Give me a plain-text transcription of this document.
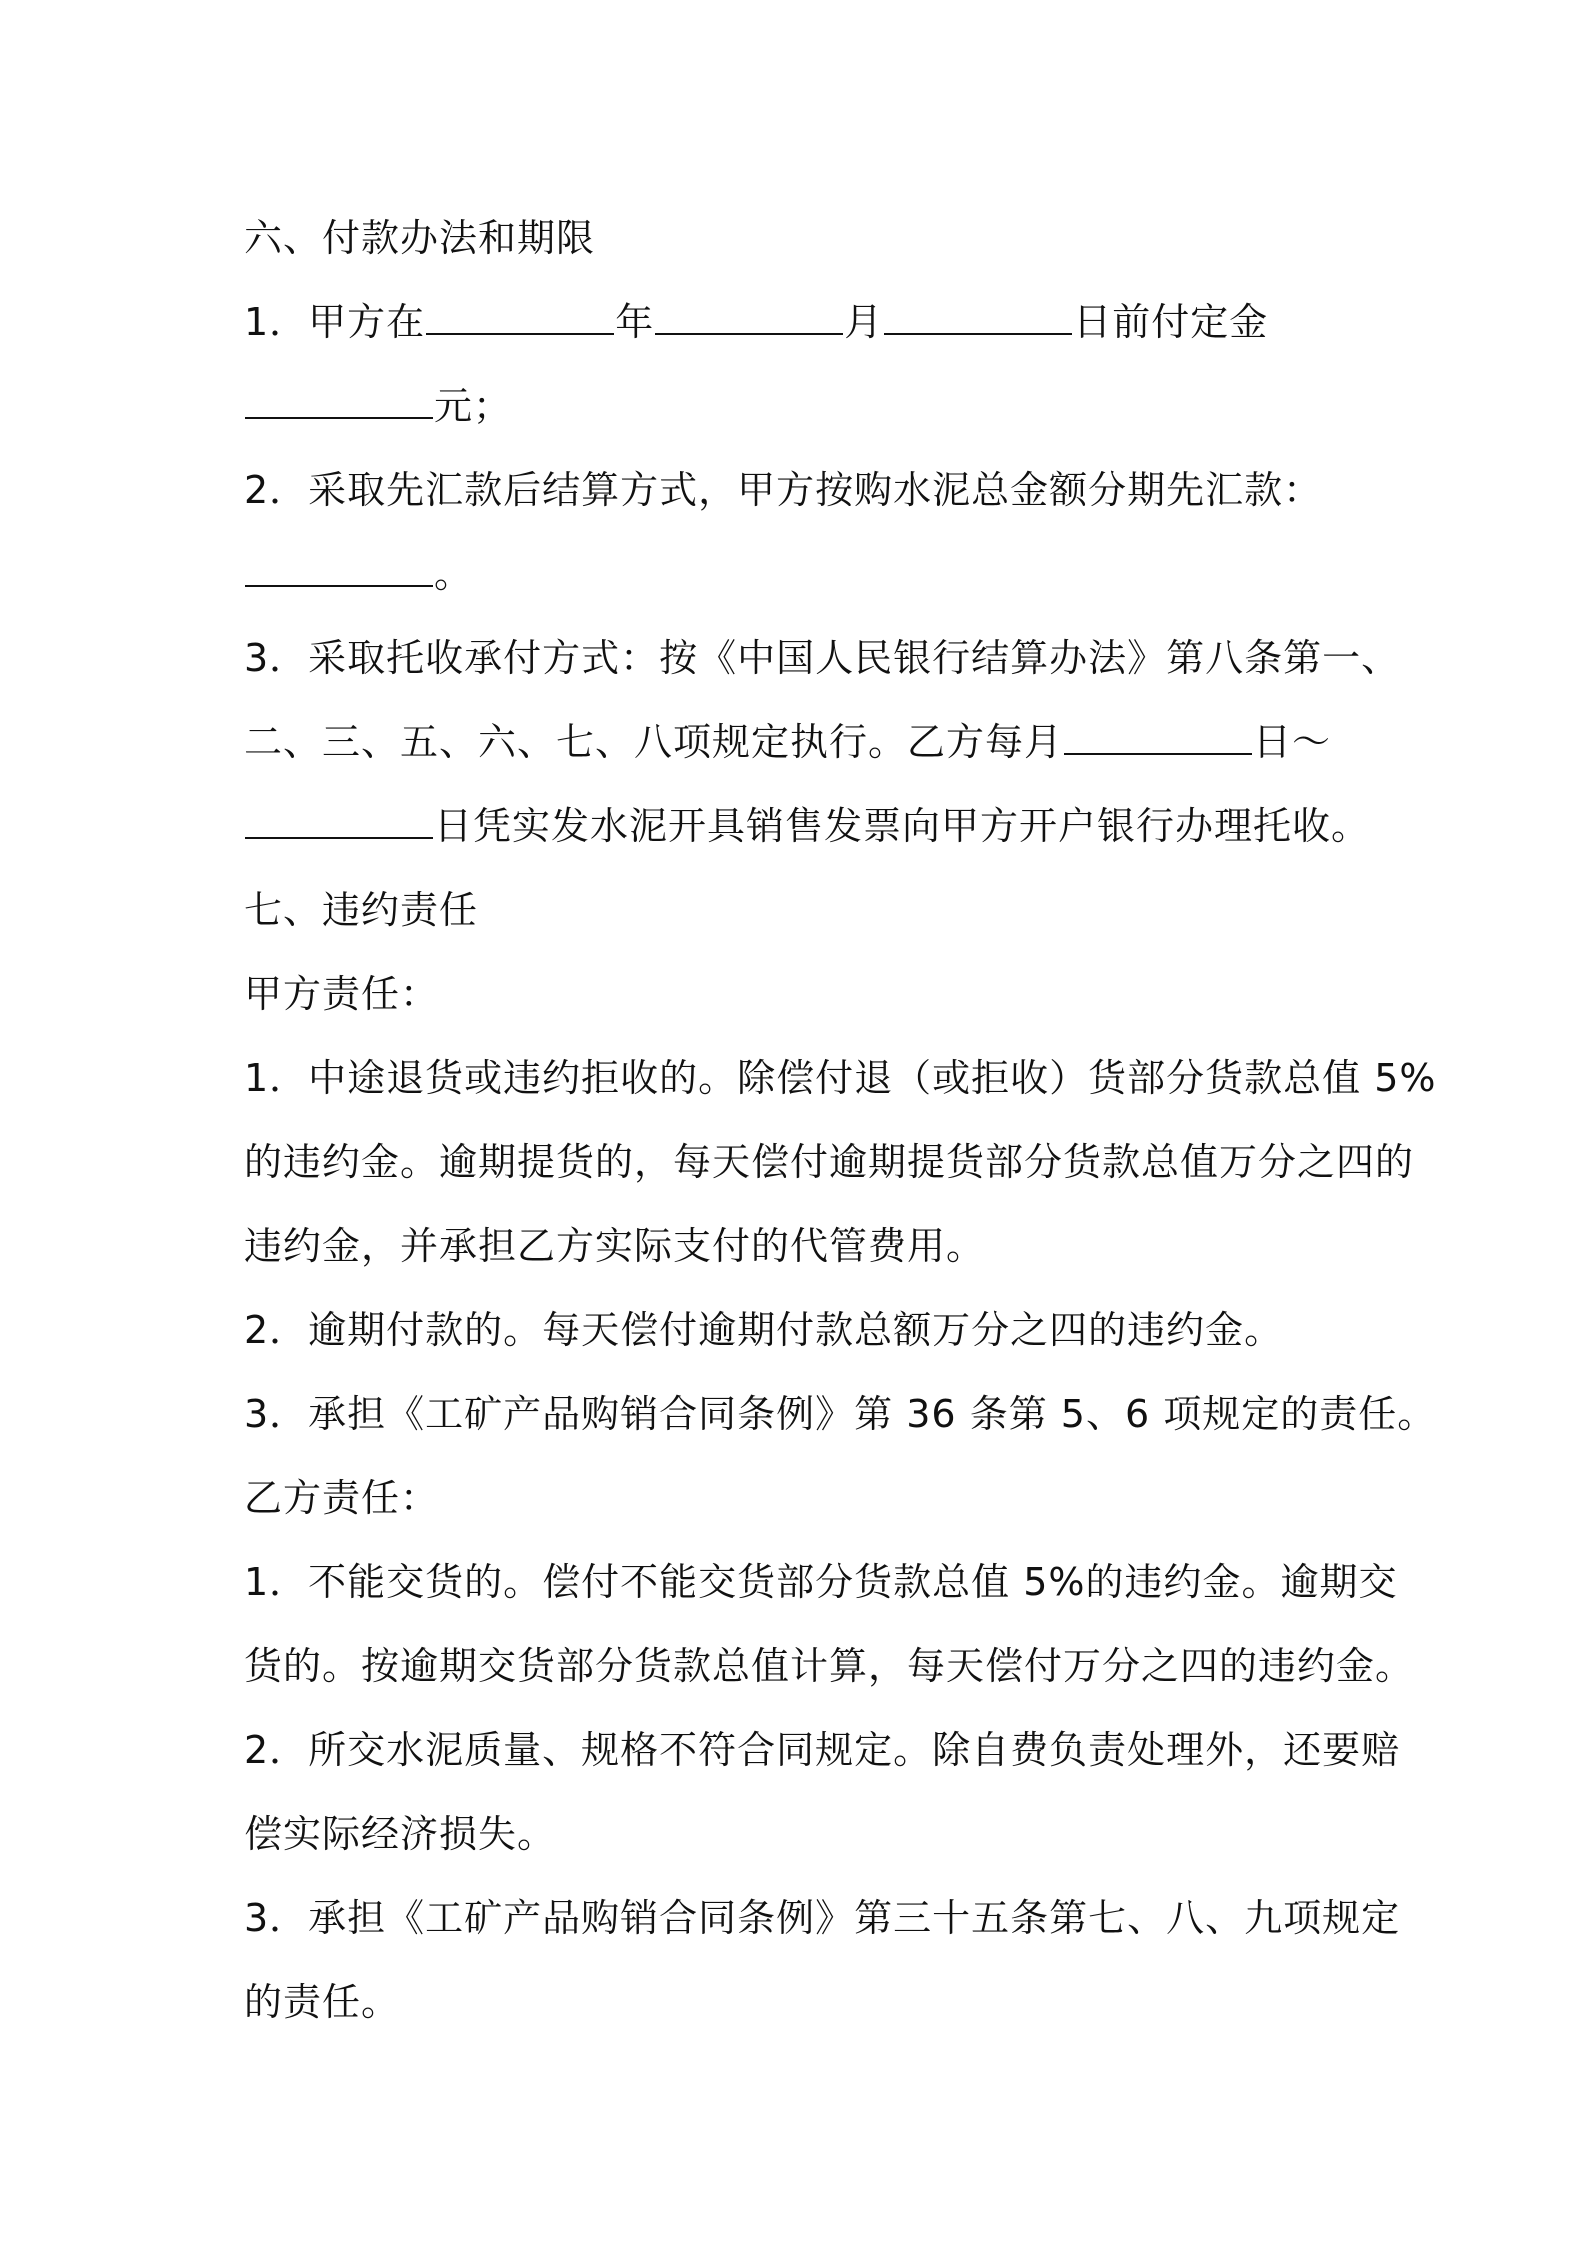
六、付款办法和期限
1．甲方在	年	月	日前付定金
元；
2．采取先汇款后结算方式，甲方按购水泥总金额分期先汇款：
。
3．采取托收承付方式：按《中国人民银行结算办法》第八条第一、
二、三、五、六、七、八项规定执行。乙方每月	日～
日凭实发水泥开具销售发票向甲方开户银行办理托收。
七、违约责任
甲方责任：
1．中途退货或违约拒收的。除偿付退（或拒收）货部分货款总值 5%
的违约金。逾期提货的，每天偿付逾期提货部分货款总值万分之四的
违约金，并承担乙方实际支付的代管费用。
2．逾期付款的。每天偿付逾期付款总额万分之四的违约金。
3．承担《工矿产品购销合同条例》第 36 条第 5、6 项规定的责任。
乙方责任：
1．不能交货的。偿付不能交货部分货款总值 5%的违约金。逾期交
货的。按逾期交货部分货款总值计算，每天偿付万分之四的违约金。
2．所交水泥质量、规格不符合同规定。除自费负责处理外，还要赔
偿实际经济损失。
3．承担《工矿产品购销合同条例》第三十五条第七、八、九项规定
的责任。
